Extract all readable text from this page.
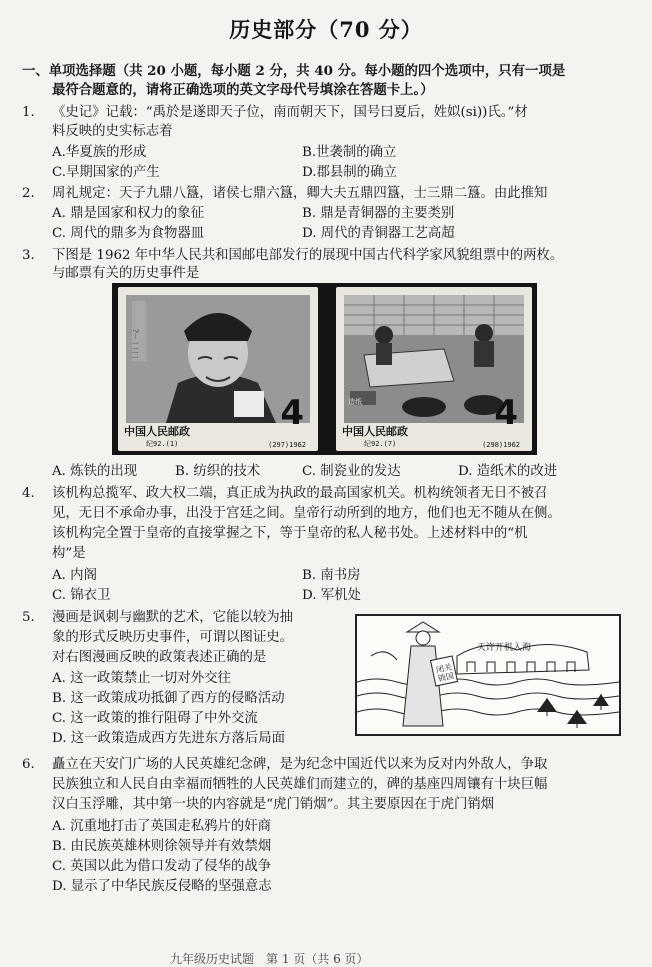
历史部分（70 分）
一、单项选择题（共 20 小题，每小题 2 分，共 40 分。每小题的四个选项中，只有一项是
最符合题意的，请将正确选项的英文字母代号填涂在答题卡上。）
1. 《史记》记载：“禹於是遂即天子位，南而朝天下，国号曰夏后，姓姒(si))氏。”材
料反映的史实标志着
A.华夏族的形成	B.世袭制的确立
C.早期国家的产生	D.郡县制的确立
2. 周礼规定：天子九鼎八簋，诸侯七鼎六簋，卿大夫五鼎四簋，士三鼎二簋。由此推知
A. 鼎是国家和权力的象征	B. 鼎是青铜器的主要类别
C. 周代的鼎多为食物器皿	D. 周代的青铜器工艺高超
3. 下图是 1962 年中华人民共和国邮电部发行的展现中国古代科学家风貌组票中的两枚。
与邮票有关的历史事件是
?－一二一
中国人民邮政	4
纪92.(1)	(297)1962
造纸
中国人民邮政	4
纪92.(7)	(298)1962
A. 炼铁的出现	B. 纺织的技术	C. 制瓷业的发达	D. 造纸术的改进
4. 该机构总揽军、政大权二端，真正成为执政的最高国家机关。机构统领者无日不被召
见，无日不承命办事，出没于宫廷之间。皇帝行动所到的地方，他们也无不随从在侧。
该机构完全置于皇帝的直接掌握之下，等于皇帝的私人秘书处。上述材料中的“机
构”是
A. 内阁	B. 南书房
C. 锦衣卫	D. 军机处
5. 漫画是讽刺与幽默的艺术，它能以较为抽
象的形式反映历史事件，可谓以图证史。
对右图漫画反映的政策表述正确的是
A. 这一政策禁止一切对外交往
B. 这一政策成功抵御了西方的侵略活动
C. 这一政策的推行阻碍了中外交流
D. 这一政策造成西方先进东方落后局面
天许开机入海
闭关锁国
6. 矗立在天安门广场的人民英雄纪念碑，是为纪念中国近代以来为反对内外敌人，争取
民族独立和人民自由幸福而牺牲的人民英雄们而建立的，碑的基座四周镶有十块巨幅
汉白玉浮雕，其中第一块的内容就是“虎门销烟”。其主要原因在于虎门销烟
A. 沉重地打击了英国走私鸦片的奸商
B. 由民族英雄林则徐领导并有效禁烟
C. 英国以此为借口发动了侵华的战争
D. 显示了中华民族反侵略的坚强意志
九年级历史试题　第 1 页（共 6 页）
